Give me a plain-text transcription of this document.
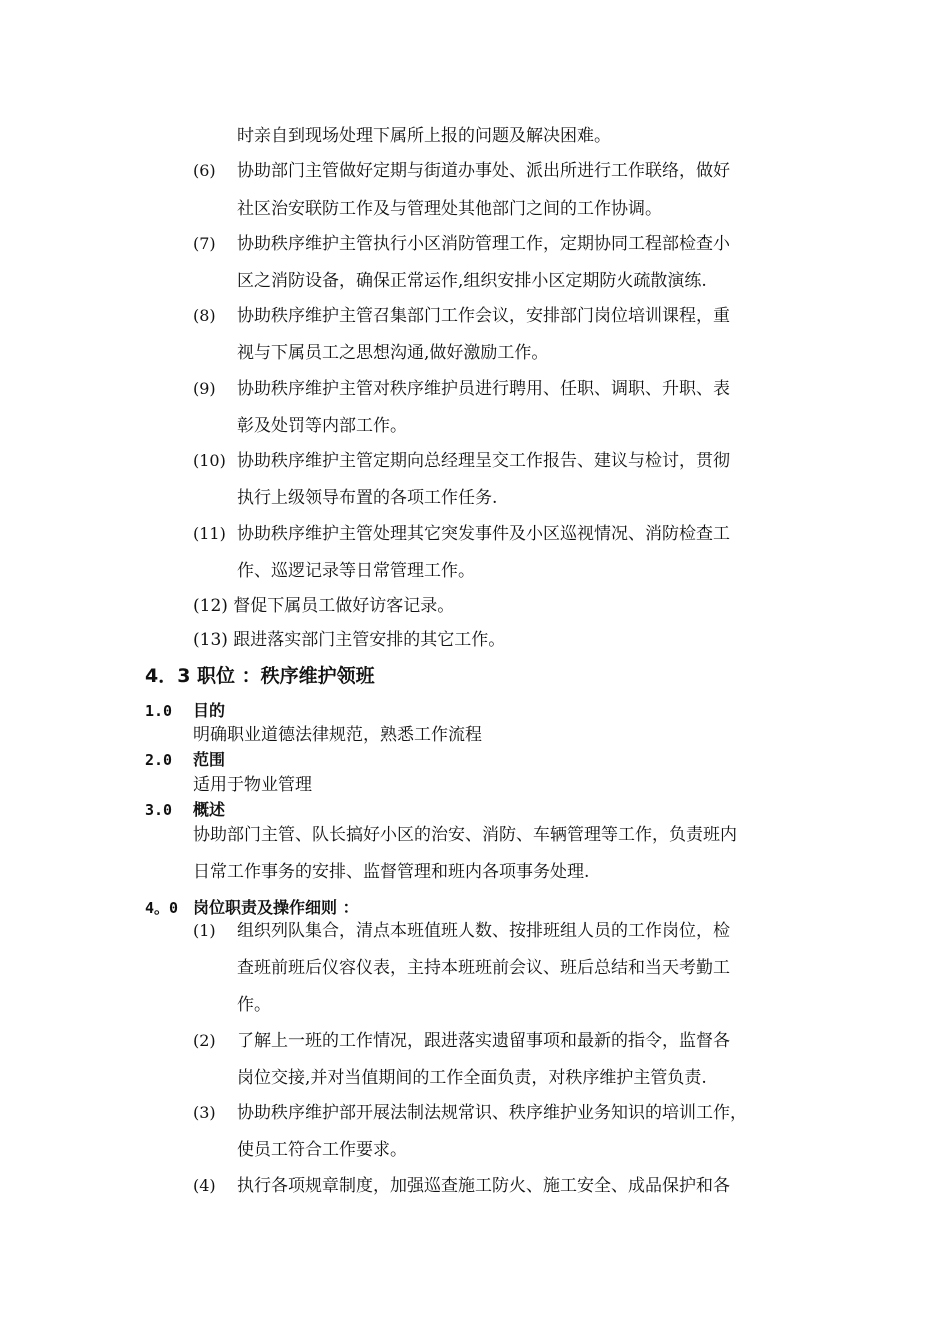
时亲自到现场处理下属所上报的问题及解决困难。
(6) 协助部门主管做好定期与街道办事处、派出所进行工作联络，做好
社区治安联防工作及与管理处其他部门之间的工作协调。
(7) 协助秩序维护主管执行小区消防管理工作，定期协同工程部检查小
区之消防设备，确保正常运作,组织安排小区定期防火疏散演练.
(8) 协助秩序维护主管召集部门工作会议，安排部门岗位培训课程，重
视与下属员工之思想沟通,做好激励工作。
(9) 协助秩序维护主管对秩序维护员进行聘用、任职、调职、升职、表
彰及处罚等内部工作。
(10) 协助秩序维护主管定期向总经理呈交工作报告、建议与检讨，贯彻
执行上级领导布置的各项工作任务.
(11) 协助秩序维护主管处理其它突发事件及小区巡视情况、消防检查工
作、巡逻记录等日常管理工作。
(12) 督促下属员工做好访客记录。
(13) 跟进落实部门主管安排的其它工作。
4．3 职位 ：秩序维护领班
1.0 目的
明确职业道德法律规范，熟悉工作流程
2.0 范围
适用于物业管理
3.0 概述
协助部门主管、队长搞好小区的治安、消防、车辆管理等工作，负责班内
日常工作事务的安排、监督管理和班内各项事务处理.
4。0 岗位职责及操作细则 ：
(1) 组织列队集合，清点本班值班人数、按排班组人员的工作岗位，检
查班前班后仪容仪表，主持本班班前会议、班后总结和当天考勤工
作。
(2) 了解上一班的工作情况，跟进落实遗留事项和最新的指令，监督各
岗位交接,并对当值期间的工作全面负责，对秩序维护主管负责.
(3) 协助秩序维护部开展法制法规常识、秩序维护业务知识的培训工作，
使员工符合工作要求。
(4) 执行各项规章制度，加强巡查施工防火、施工安全、成品保护和各
